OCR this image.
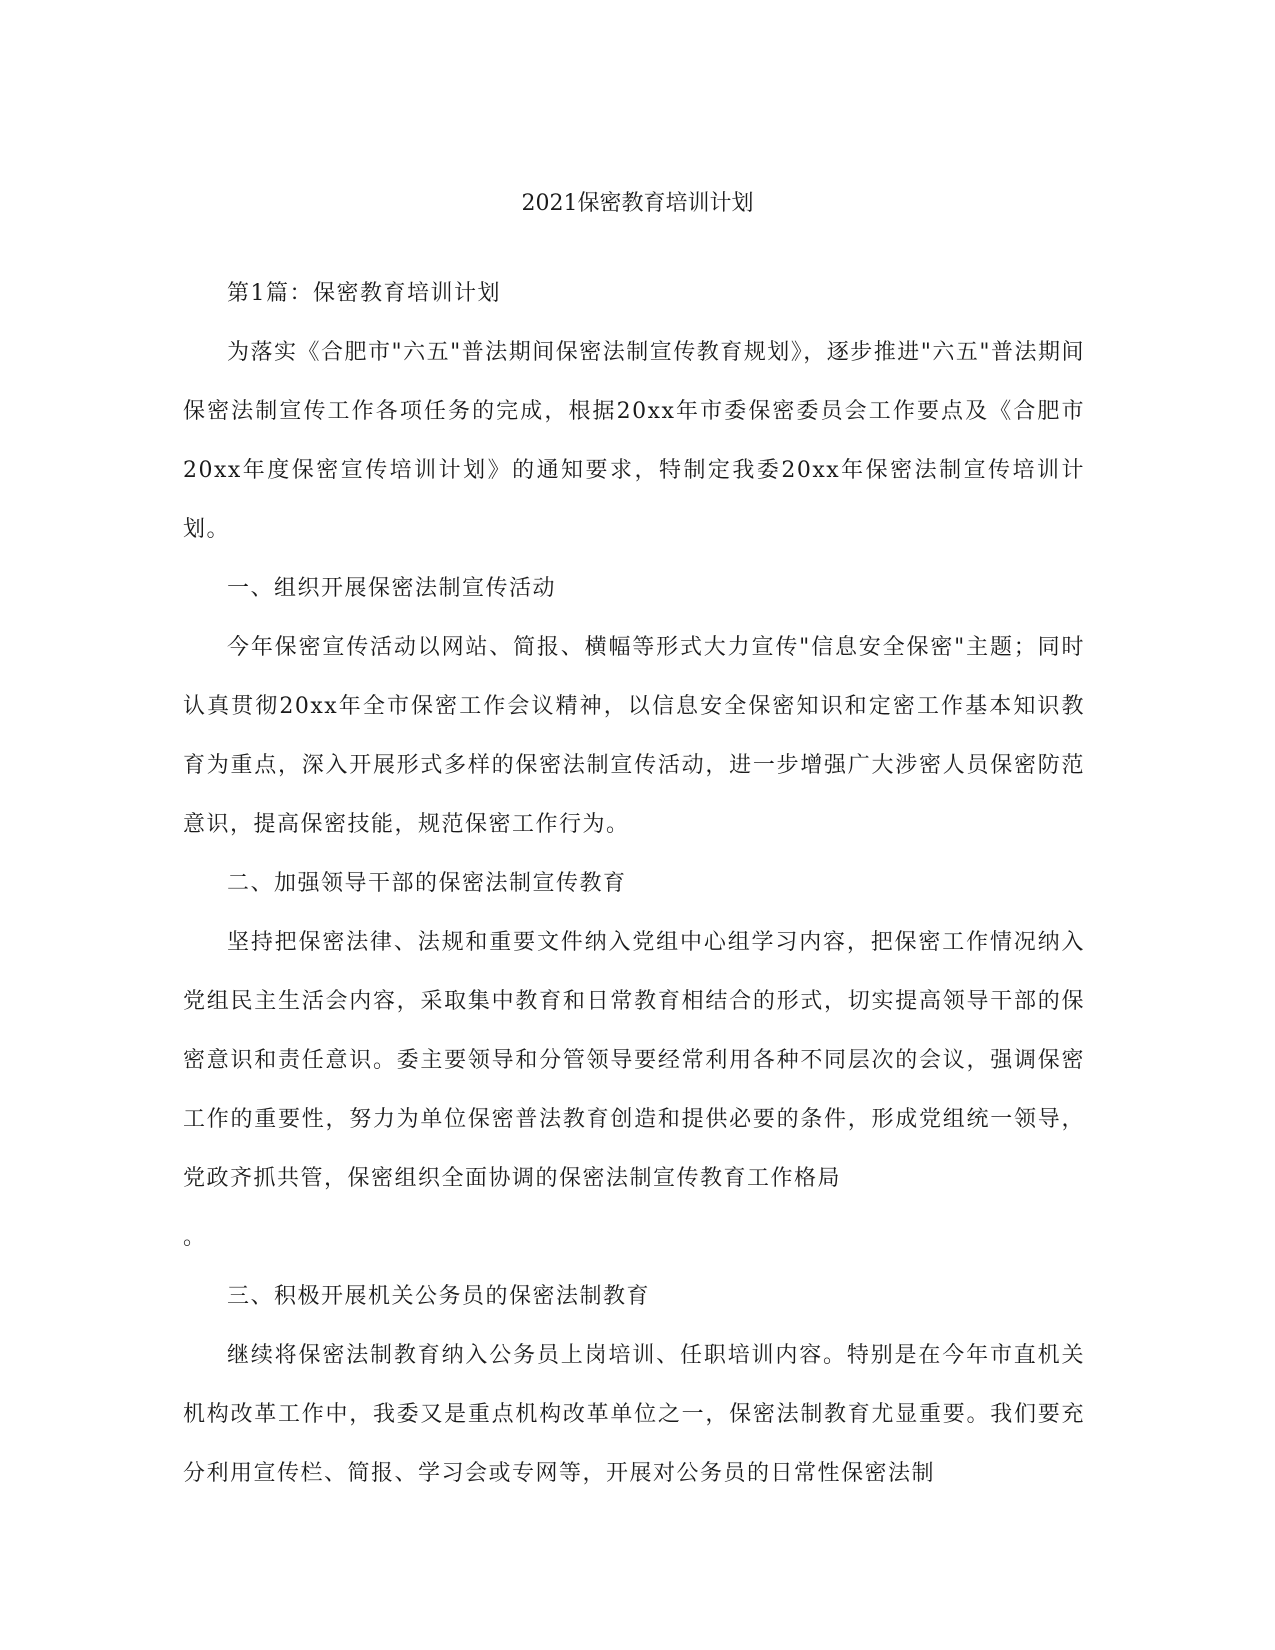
2021保密教育培训计划

第1篇：保密教育培训计划

为落实《合肥市"六五"普法期间保密法制宣传教育规划》，逐步推进"六五"普法期间保密法制宣传工作各项任务的完成，根据20xx年市委保密委员会工作要点及《合肥市20xx年度保密宣传培训计划》的通知要求，特制定我委20xx年保密法制宣传培训计划。

一、组织开展保密法制宣传活动

今年保密宣传活动以网站、简报、横幅等形式大力宣传"信息安全保密"主题；同时认真贯彻20xx年全市保密工作会议精神，以信息安全保密知识和定密工作基本知识教育为重点，深入开展形式多样的保密法制宣传活动，进一步增强广大涉密人员保密防范意识，提高保密技能，规范保密工作行为。

二、加强领导干部的保密法制宣传教育

坚持把保密法律、法规和重要文件纳入党组中心组学习内容，把保密工作情况纳入党组民主生活会内容，采取集中教育和日常教育相结合的形式，切实提高领导干部的保密意识和责任意识。委主要领导和分管领导要经常利用各种不同层次的会议，强调保密工作的重要性，努力为单位保密普法教育创造和提供必要的条件，形成党组统一领导，党政齐抓共管，保密组织全面协调的保密法制宣传教育工作格局

。

三、积极开展机关公务员的保密法制教育

继续将保密法制教育纳入公务员上岗培训、任职培训内容。特别是在今年市直机关机构改革工作中，我委又是重点机构改革单位之一，保密法制教育尤显重要。我们要充分利用宣传栏、简报、学习会或专网等，开展对公务员的日常性保密法制
